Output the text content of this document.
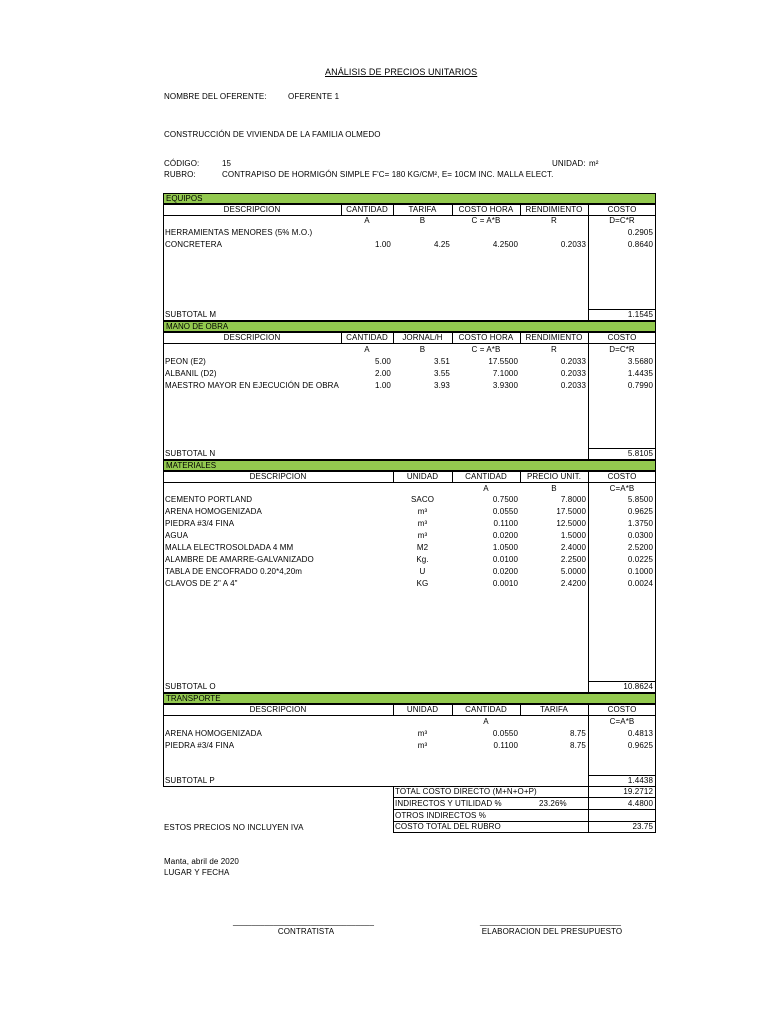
ANÁLISIS DE PRECIOS UNITARIOS
NOMBRE DEL OFERENTE:	OFERENTE 1
CONSTRUCCIÓN DE VIVIENDA DE LA FAMILIA OLMEDO
CÓDIGO:	15	UNIDAD: m²
RUBRO:	CONTRAPISO DE HORMIGÓN SIMPLE F'C= 180 KG/CM², E= 10CM INC. MALLA ELECT.
EQUIPOS
DESCRIPCION	CANTIDAD	TARIFA	COSTO HORA	RENDIMIENTO	COSTO
A	B	C = A*B	R	D=C*R
HERRAMIENTAS MENORES (5% M.O.)	0.2905
CONCRETERA	1.00	4.25	4.2500	0.2033	0.8640
SUBTOTAL M	1.1545
MANO DE OBRA
DESCRIPCION	CANTIDAD	JORNAL/H	COSTO HORA	RENDIMIENTO	COSTO
A	B	C = A*B	R	D=C*R
PEON (E2)	5.00	3.51	17.5500	0.2033	3.5680
ALBANIL (D2)	2.00	3.55	7.1000	0.2033	1.4435
MAESTRO MAYOR EN EJECUCIÓN DE OBRA	1.00	3.93	3.9300	0.2033	0.7990
SUBTOTAL N	5.8105
MATERIALES
DESCRIPCION	UNIDAD	CANTIDAD	PRECIO UNIT.	COSTO
A	B	C=A*B
CEMENTO PORTLAND	SACO	0.7500	7.8000	5.8500
ARENA HOMOGENIZADA	m³	0.0550	17.5000	0.9625
PIEDRA #3/4 FINA	m³	0.1100	12.5000	1.3750
AGUA	m³	0.0200	1.5000	0.0300
MALLA ELECTROSOLDADA 4 MM	M2	1.0500	2.4000	2.5200
ALAMBRE DE AMARRE-GALVANIZADO	Kg.	0.0100	2.2500	0.0225
TABLA DE ENCOFRADO 0.20*4,20m	U	0.0200	5.0000	0.1000
CLAVOS DE 2" A 4"	KG	0.0010	2.4200	0.0024
SUBTOTAL O	10.8624
TRANSPORTE
DESCRIPCION	UNIDAD	CANTIDAD	TARIFA	COSTO
A	C=A*B
ARENA HOMOGENIZADA	m³	0.0550	8.75	0.4813
PIEDRA #3/4 FINA	m³	0.1100	8.75	0.9625
SUBTOTAL P	1.4438
TOTAL COSTO DIRECTO (M+N+O+P)	19.2712
INDIRECTOS Y UTILIDAD %	23.26%	4.4800
OTROS INDIRECTOS %
COSTO TOTAL DEL RUBRO	23.75
ESTOS PRECIOS NO INCLUYEN IVA
Manta, abril de 2020
LUGAR Y FECHA
_______________________________
CONTRATISTA
_______________________________
ELABORACION DEL PRESUPUESTO
